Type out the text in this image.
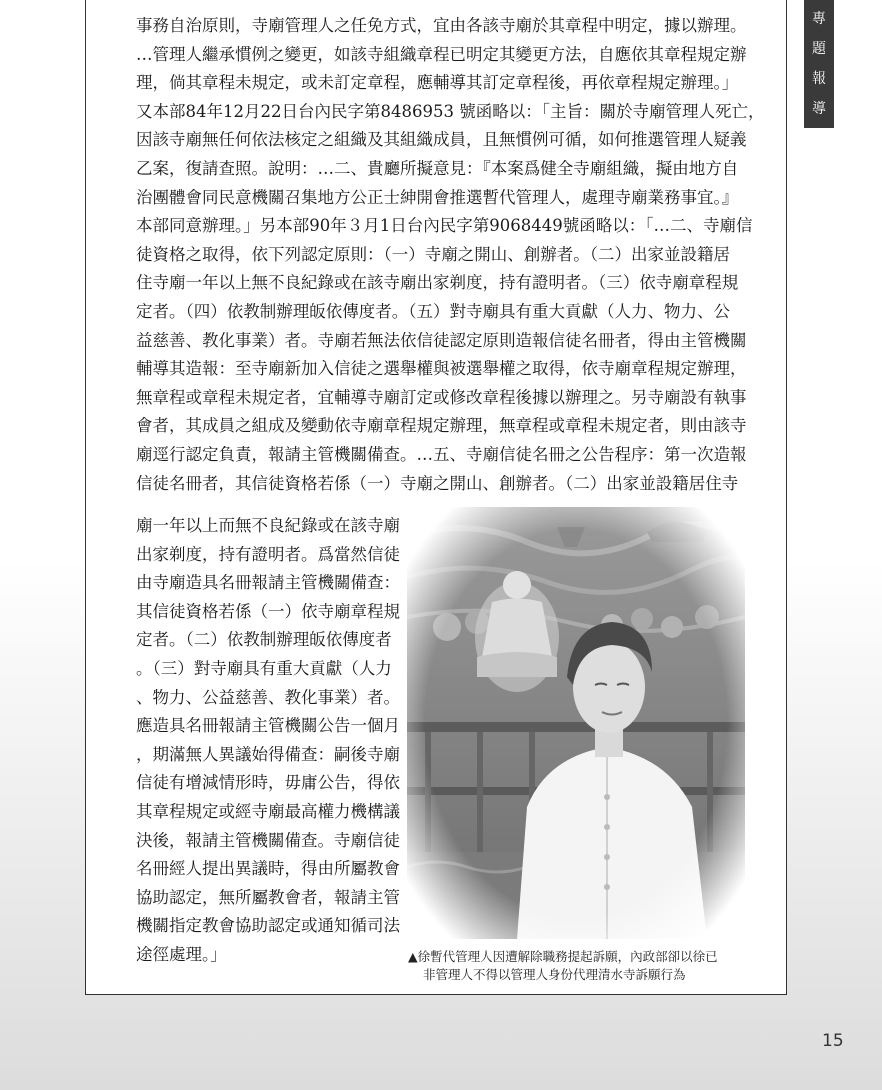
專
題
報
導
事務自治原則，寺廟管理人之任免方式，宜由各該寺廟於其章程中明定，據以辦理。
…管理人繼承慣例之變更，如該寺組織章程已明定其變更方法，自應依其章程規定辦
理，倘其章程未規定，或未訂定章程，應輔導其訂定章程後，再依章程規定辦理。」
又本部84年12月22日台內民字第8486953 號函略以：「主旨：關於寺廟管理人死亡，
因該寺廟無任何依法核定之組織及其組織成員，且無慣例可循，如何推選管理人疑義
乙案，復請查照。說明：…二、貴廳所擬意見：『本案爲健全寺廟組織，擬由地方自
治團體會同民意機關召集地方公正士紳開會推選暫代管理人，處理寺廟業務事宜。』
本部同意辦理。」另本部90年３月1日台內民字第9068449號函略以：「…二、寺廟信
徒資格之取得，依下列認定原則：（一）寺廟之開山、創辦者。（二）出家並設籍居
住寺廟一年以上無不良紀錄或在該寺廟出家剃度，持有證明者。（三）依寺廟章程規
定者。（四）依教制辦理皈依傳度者。（五）對寺廟具有重大貢獻（人力、物力、公
益慈善、教化事業）者。寺廟若無法依信徒認定原則造報信徒名冊者，得由主管機關
輔導其造報：至寺廟新加入信徒之選舉權與被選舉權之取得，依寺廟章程規定辦理，
無章程或章程未規定者，宜輔導寺廟訂定或修改章程後據以辦理之。另寺廟設有執事
會者，其成員之組成及變動依寺廟章程規定辦理，無章程或章程未規定者，則由該寺
廟逕行認定負責，報請主管機關備查。…五、寺廟信徒名冊之公告程序：第一次造報
信徒名冊者，其信徒資格若係（一）寺廟之開山、創辦者。（二）出家並設籍居住寺
廟一年以上而無不良紀錄或在該寺廟
出家剃度，持有證明者。爲當然信徒
由寺廟造具名冊報請主管機關備查：
其信徒資格若係（一）依寺廟章程規
定者。（二）依教制辦理皈依傳度者
。（三）對寺廟具有重大貢獻（人力
、物力、公益慈善、教化事業）者。
應造具名冊報請主管機關公告一個月
，期滿無人異議始得備查：嗣後寺廟
信徒有增減情形時，毋庸公告，得依
其章程規定或經寺廟最高權力機構議
決後，報請主管機關備查。寺廟信徒
名冊經人提出異議時，得由所屬教會
協助認定，無所屬教會者，報請主管
機關指定教會協助認定或通知循司法
途徑處理。」	▲徐暫代管理人因遭解除職務提起訴願，內政部卻以徐已
非管理人不得以管理人身份代理清水寺訴願行為
15
